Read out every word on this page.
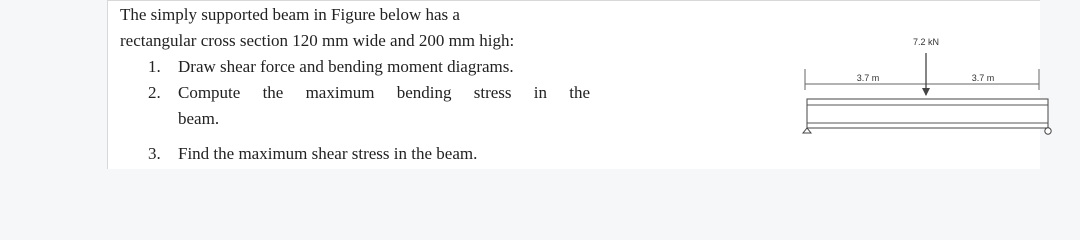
The simply supported beam in Figure below has a

rectangular cross section 120 mm wide and 200 mm high:

1. Draw shear force and bending moment diagrams.
2. Compute the maximum bending stress in the
beam.
3. Find the maximum shear stress in the beam.
7.2 kN
3.7 m	3.7 m
